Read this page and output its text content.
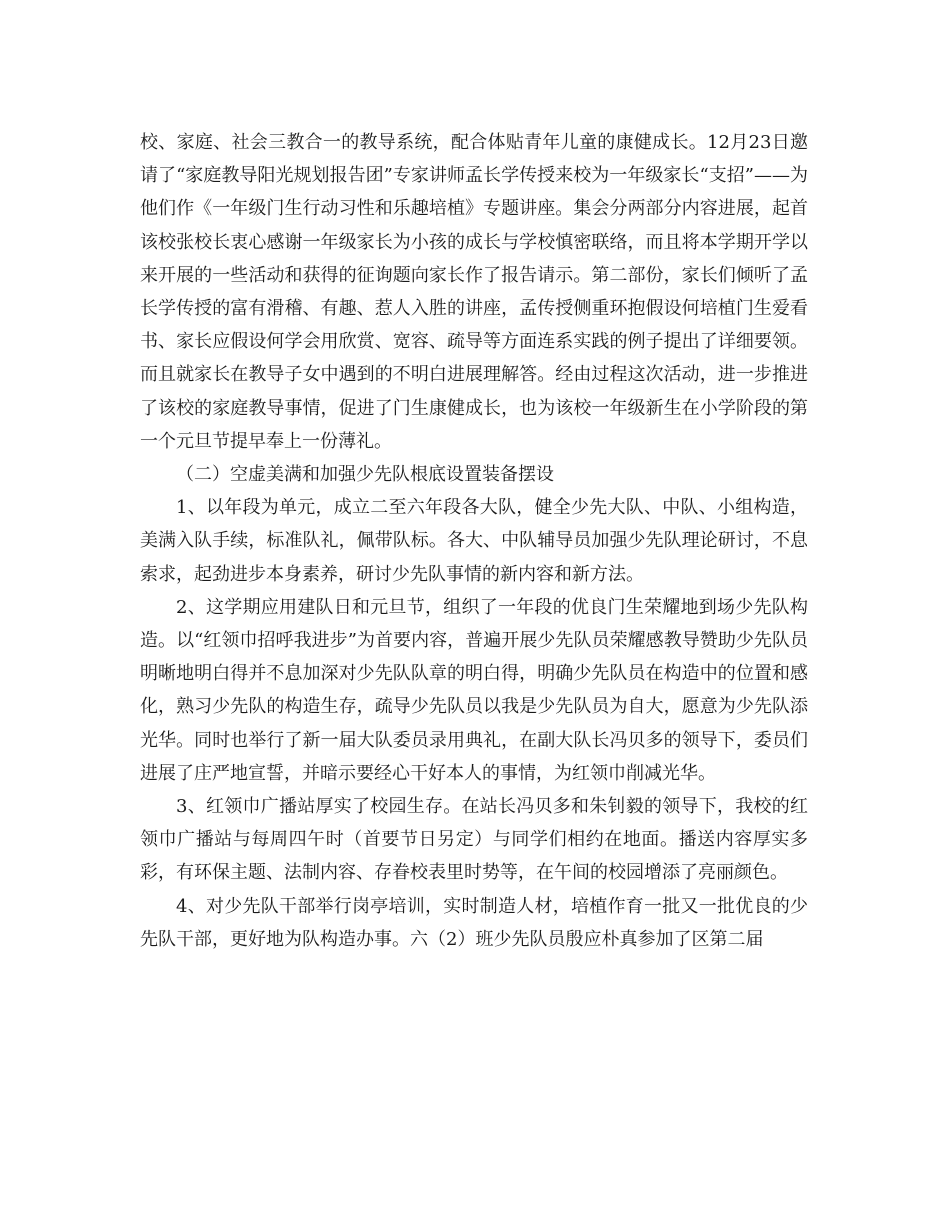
校、家庭、社会三教合一的教导系统，配合体贴青年儿童的康健成长。12月23日邀请了“家庭教导阳光规划报告团”专家讲师孟长学传授来校为一年级家长“支招”——为他们作《一年级门生行动习性和乐趣培植》专题讲座。集会分两部分内容进展，起首该校张校长衷心感谢一年级家长为小孩的成长与学校慎密联络，而且将本学期开学以来开展的一些活动和获得的征询题向家长作了报告请示。第二部份，家长们倾听了孟长学传授的富有滑稽、有趣、惹人入胜的讲座，孟传授侧重环抱假设何培植门生爱看书、家长应假设何学会用欣赏、宽容、疏导等方面连系实践的例子提出了详细要领。而且就家长在教导子女中遇到的不明白进展理解答。经由过程这次活动，进一步推进了该校的家庭教导事情，促进了门生康健成长，也为该校一年级新生在小学阶段的第一个元旦节提早奉上一份薄礼。

（二）空虚美满和加强少先队根底设置装备摆设

1、以年段为单元，成立二至六年段各大队，健全少先大队、中队、小组构造，美满入队手续，标准队礼，佩带队标。各大、中队辅导员加强少先队理论研讨，不息索求，起劲进步本身素养，研讨少先队事情的新内容和新方法。

2、这学期应用建队日和元旦节，组织了一年段的优良门生荣耀地到场少先队构造。以“红领巾招呼我进步”为首要内容，普遍开展少先队员荣耀感教导赞助少先队员明晰地明白得并不息加深对少先队队章的明白得，明确少先队员在构造中的位置和感化，熟习少先队的构造生存，疏导少先队员以我是少先队员为自大，愿意为少先队添光华。同时也举行了新一届大队委员录用典礼，在副大队长冯贝多的领导下，委员们进展了庄严地宣誓，并暗示要经心干好本人的事情，为红领巾削减光华。

3、红领巾广播站厚实了校园生存。在站长冯贝多和朱钊毅的领导下，我校的红领巾广播站与每周四午时（首要节日另定）与同学们相约在地面。播送内容厚实多彩，有环保主题、法制内容、存眷校表里时势等，在午间的校园增添了亮丽颜色。

4、对少先队干部举行岗亭培训，实时制造人材，培植作育一批又一批优良的少先队干部，更好地为队构造办事。六（2）班少先队员殷应朴真参加了区第二届
